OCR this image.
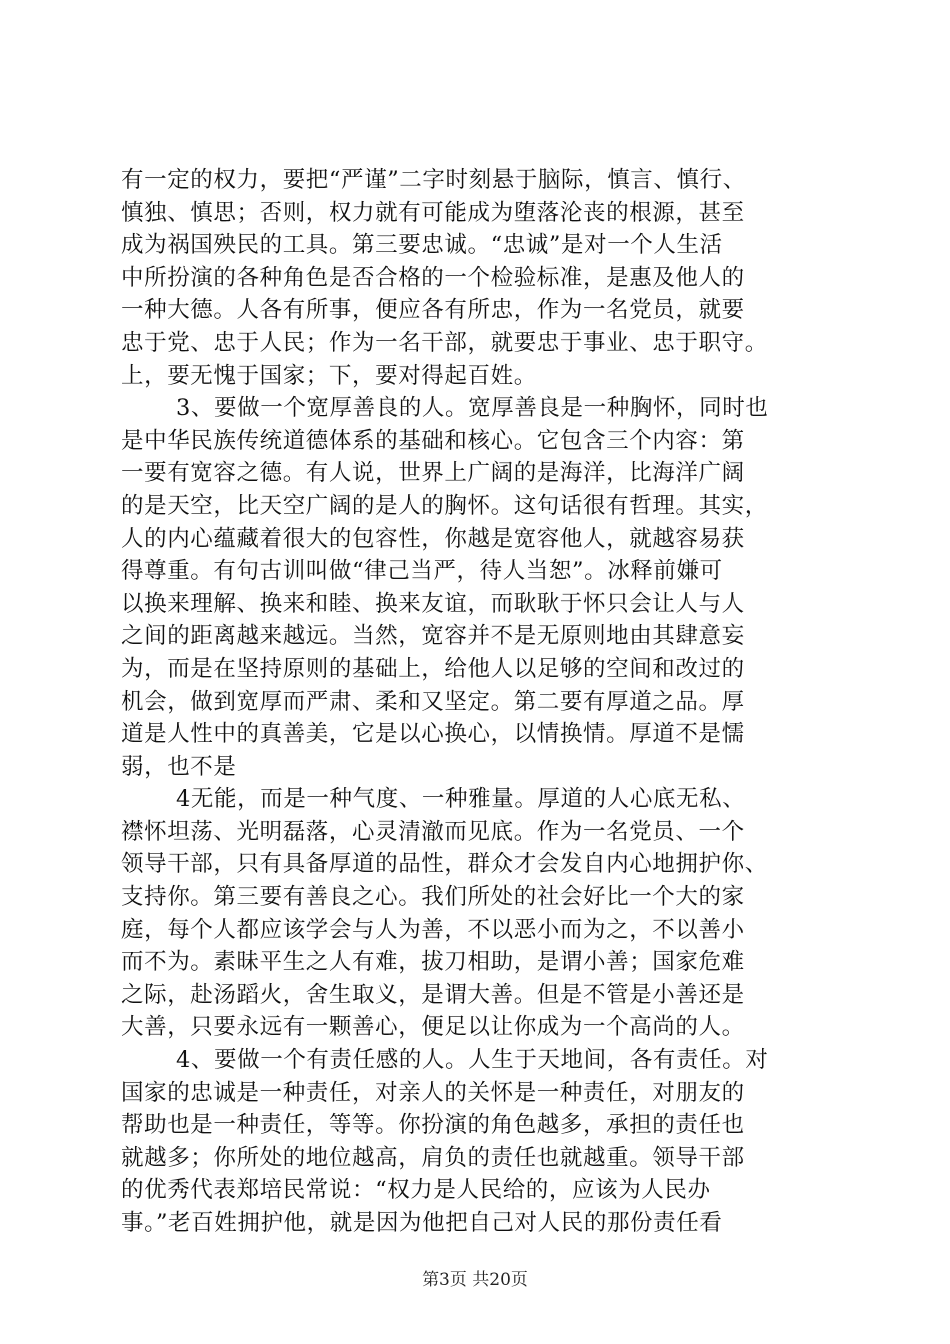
有一定的权力，要把“严谨”二字时刻悬于脑际，慎言、慎行、
慎独、慎思；否则，权力就有可能成为堕落沦丧的根源，甚至
成为祸国殃民的工具。第三要忠诚。“忠诚”是对一个人生活
中所扮演的各种角色是否合格的一个检验标准，是惠及他人的
一种大德。人各有所事，便应各有所忠，作为一名党员，就要
忠于党、忠于人民；作为一名干部，就要忠于事业、忠于职守。
上，要无愧于国家；下，要对得起百姓。
3、要做一个宽厚善良的人。宽厚善良是一种胸怀，同时也
是中华民族传统道德体系的基础和核心。它包含三个内容：第
一要有宽容之德。有人说，世界上广阔的是海洋，比海洋广阔
的是天空，比天空广阔的是人的胸怀。这句话很有哲理。其实，
人的内心蕴藏着很大的包容性，你越是宽容他人，就越容易获
得尊重。有句古训叫做“律己当严，待人当恕”。冰释前嫌可
以换来理解、换来和睦、换来友谊，而耿耿于怀只会让人与人
之间的距离越来越远。当然，宽容并不是无原则地由其肆意妄
为，而是在坚持原则的基础上，给他人以足够的空间和改过的
机会，做到宽厚而严肃、柔和又坚定。第二要有厚道之品。厚
道是人性中的真善美，它是以心换心，以情换情。厚道不是懦
弱，也不是
4无能，而是一种气度、一种雅量。厚道的人心底无私、
襟怀坦荡、光明磊落，心灵清澈而见底。作为一名党员、一个
领导干部，只有具备厚道的品性，群众才会发自内心地拥护你、
支持你。第三要有善良之心。我们所处的社会好比一个大的家
庭，每个人都应该学会与人为善，不以恶小而为之，不以善小
而不为。素昧平生之人有难，拔刀相助，是谓小善；国家危难
之际，赴汤蹈火，舍生取义，是谓大善。但是不管是小善还是
大善，只要永远有一颗善心，便足以让你成为一个高尚的人。
4、要做一个有责任感的人。人生于天地间，各有责任。对
国家的忠诚是一种责任，对亲人的关怀是一种责任，对朋友的
帮助也是一种责任，等等。你扮演的角色越多，承担的责任也
就越多；你所处的地位越高，肩负的责任也就越重。领导干部
的优秀代表郑培民常说：“权力是人民给的，应该为人民办
事。”老百姓拥护他，就是因为他把自己对人民的那份责任看
第3页 共20页
